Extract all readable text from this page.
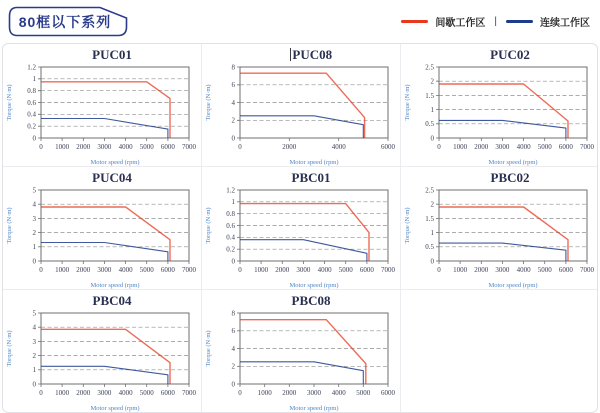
80框以下系列	间歇工作区 |	连续工作区
PUC01
0
0.2
0.4
0.6
0.8
1
1.2
0 1000 2000 3000 4000 5000 6000 7000
Motor speed (rpm)
Torque (N·m)
PUC08
0
2
4
6
8
0	2000	4000	6000
Motor speed (rpm)
Torque (N·m)
PUC02
0
0.5
1
1.5
2
2.5
0 1000 2000 3000 4000 5000 6000 7000
Motor speed (rpm)
Torque (N·m)
PUC04
0
1
2
3
4
5
0 1000 2000 3000 4000 5000 6000 7000
Motor speed (rpm)
Torque (N·m)
PBC01
0
0.2
0.4
0.6
0.8
1
1.2
0 1000 2000 3000 4000 5000 6000 7000
Motor speed (rpm)
Torque (N·m)
PBC02
0
0.5
1
1.5
2
2.5
0 1000 2000 3000 4000 5000 6000 7000
Motor speed (rpm)
Torque (N·m)
PBC04
0
1
2
3
4
5
0 1000 2000 3000 4000 5000 6000 7000
Motor speed (rpm)
Torque (N·m)
PBC08
0
2
4
6
8
0 1000 2000 3000 4000 5000 6000
Motor speed (rpm)
Torque (N·m)
